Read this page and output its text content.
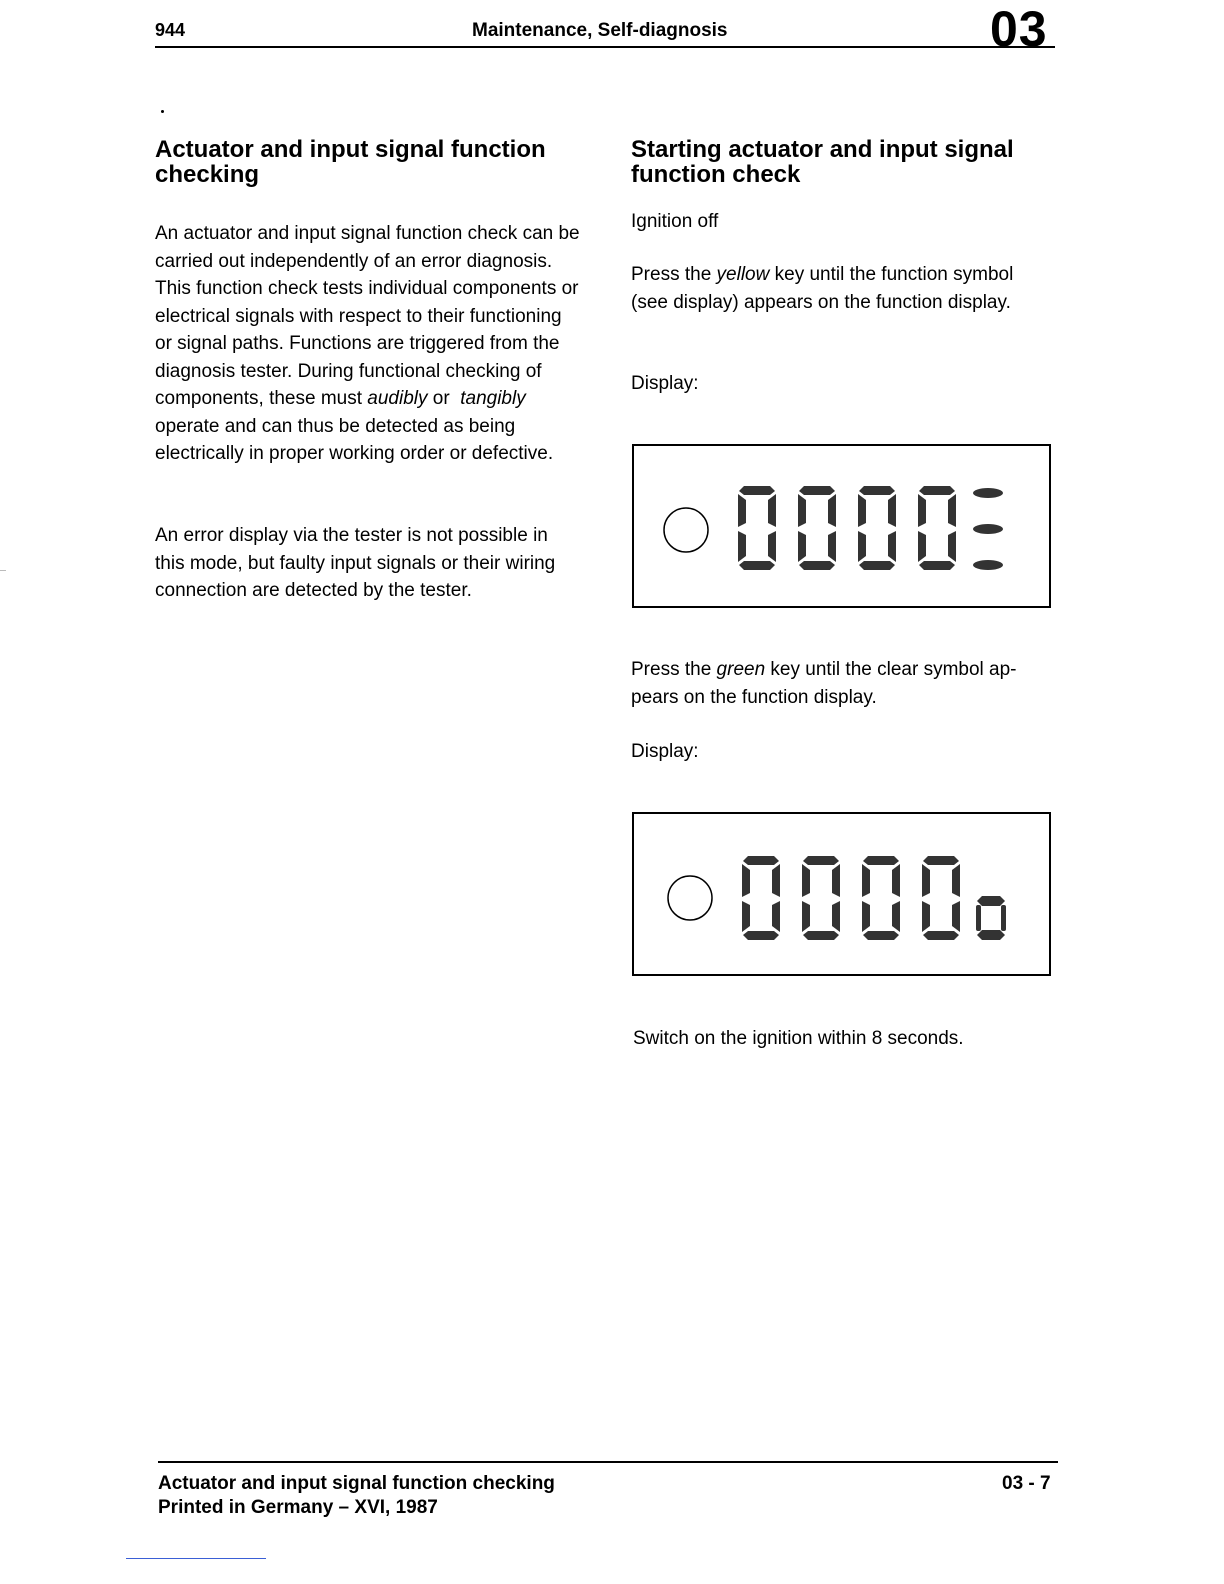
944	Maintenance, Self-diagnosis	03
Actuator and input signal function checking

An actuator and input signal function check can be carried out independently of an error diagnosis. This function check tests individual components or electrical signals with respect to their functioning or signal paths. Functions are triggered from the diagnosis tester. During functional checking of components, these must audibly or  tangibly operate and can thus be detected as being electrically in proper working order or defective.

An error display via the tester is not possible in this mode, but faulty input signals or their wiring connection are detected by the tester.

Starting actuator and input signal function check

Ignition off

Press the yellow key until the function symbol (see display) appears on the function display.

Display:

Press the green key until the clear symbol ap- pears on the function display.

Display:

Switch on the ignition within 8 seconds.

Actuator and input signal function checking
Printed in Germany – XVI, 1987
03 - 7
